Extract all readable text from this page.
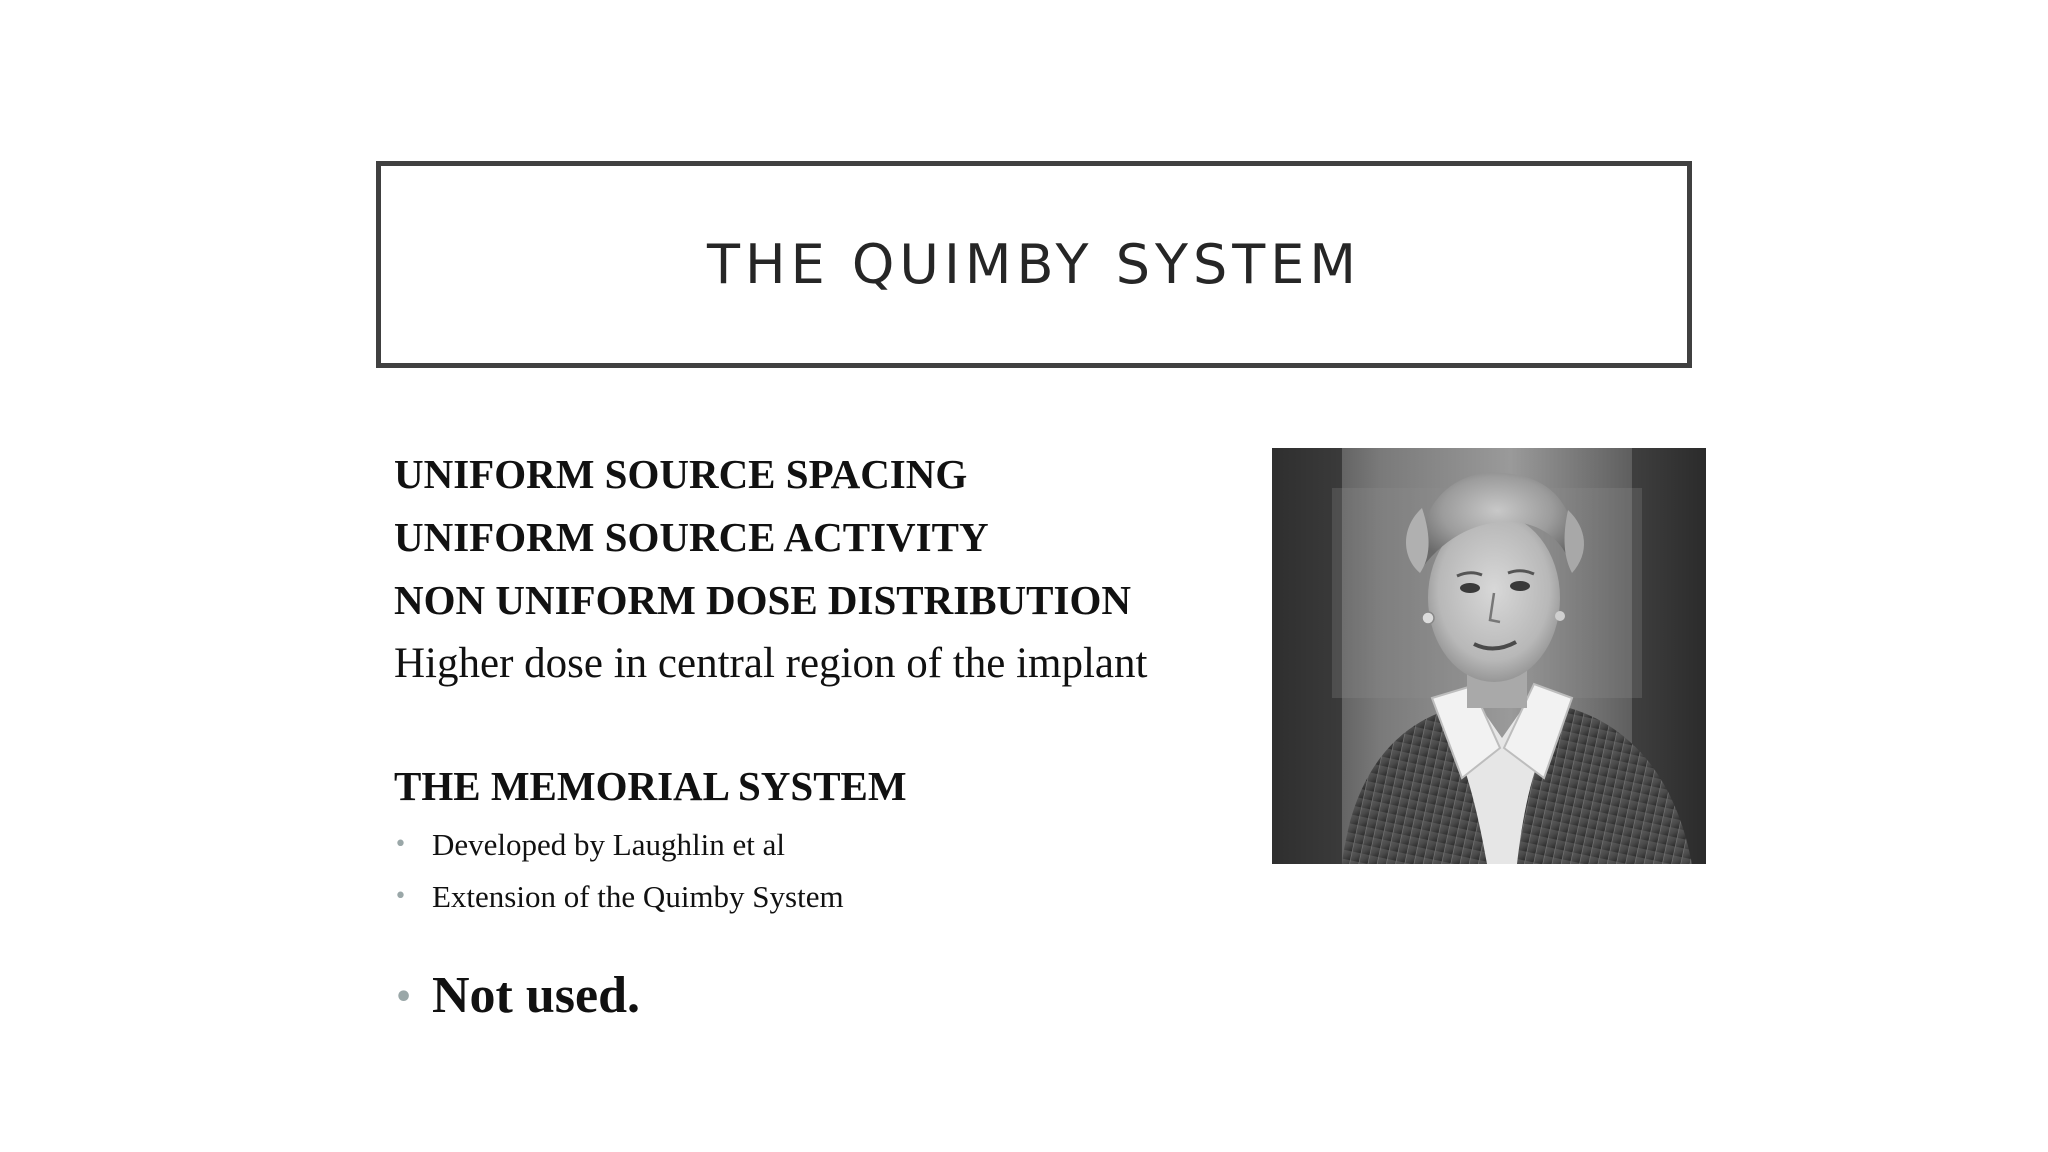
THE QUIMBY SYSTEM

UNIFORM SOURCE SPACING

UNIFORM SOURCE ACTIVITY

NON UNIFORM DOSE DISTRIBUTION

Higher dose in central region of the implant

THE MEMORIAL SYSTEM

• Developed by Laughlin et al
• Extension of the Quimby System
• Not used.
